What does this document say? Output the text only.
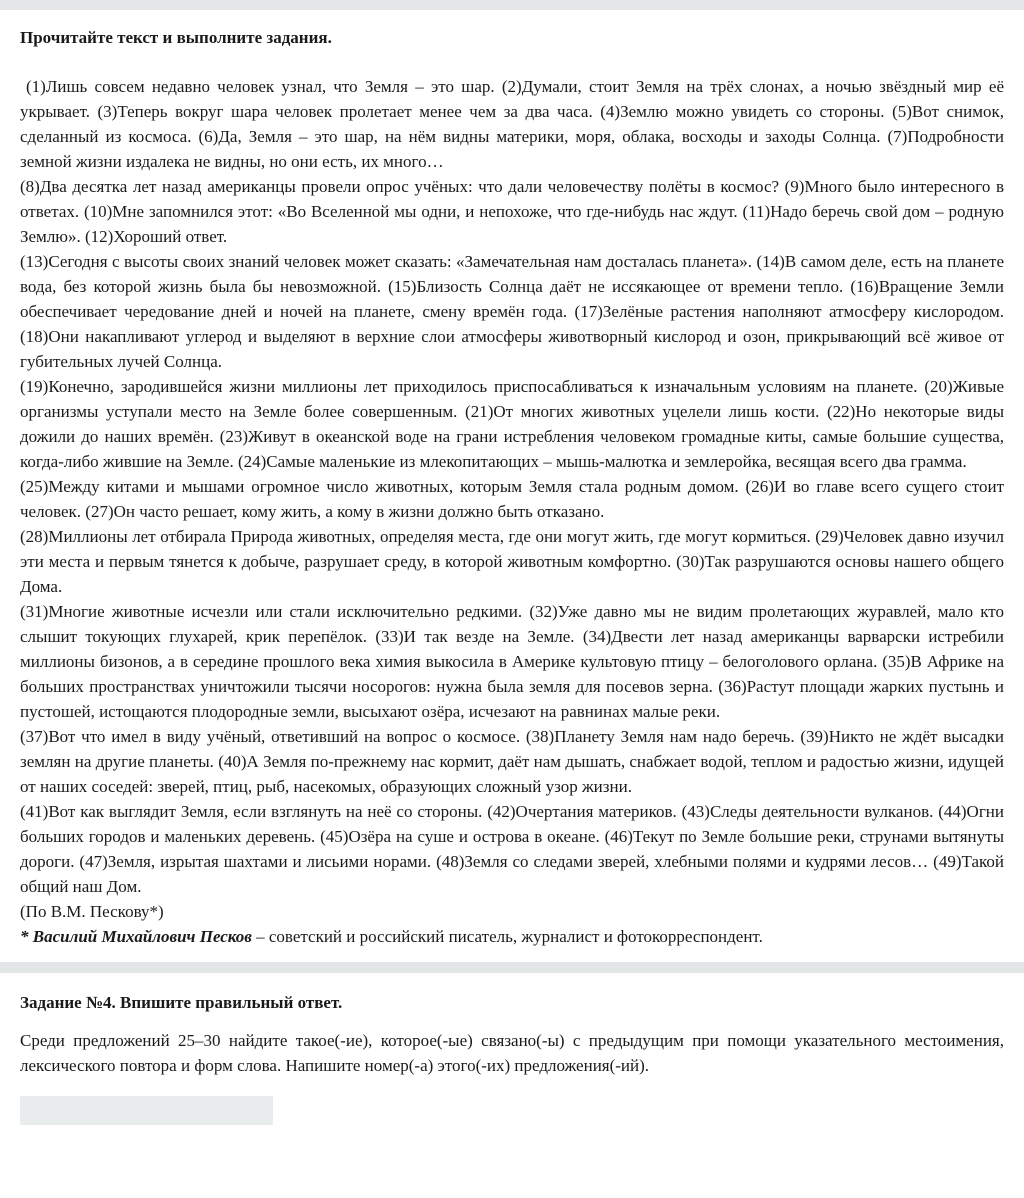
Прочитайте текст и выполните задания.

(1)Лишь совсем недавно человек узнал, что Земля – это шар. (2)Думали, стоит Земля на трёх слонах, а ночью звёздный мир её укрывает. (3)Теперь вокруг шара человек пролетает менее чем за два часа. (4)Землю можно увидеть со стороны. (5)Вот снимок, сделанный из космоса. (6)Да, Земля – это шар, на нём видны материки, моря, облака, восходы и заходы Солнца. (7)Подробности земной жизни издалека не видны, но они есть, их много…

(8)Два десятка лет назад американцы провели опрос учёных: что дали человечеству полёты в космос? (9)Много было интересного в ответах. (10)Мне запомнился этот: «Во Вселенной мы одни, и непохоже, что где-нибудь нас ждут. (11)Надо беречь свой дом – родную Землю». (12)Хороший ответ.

(13)Сегодня с высоты своих знаний человек может сказать: «Замечательная нам досталась планета». (14)В самом деле, есть на планете вода, без которой жизнь была бы невозможной. (15)Близость Солнца даёт не иссякающее от времени тепло. (16)Вращение Земли обеспечивает чередование дней и ночей на планете, смену времён года. (17)Зелёные растения наполняют атмосферу кислородом. (18)Они накапливают углерод и выделяют в верхние слои атмосферы животворный кислород и озон, прикрывающий всё живое от губительных лучей Солнца.

(19)Конечно, зародившейся жизни миллионы лет приходилось приспосабливаться к изначальным условиям на планете. (20)Живые организмы уступали место на Земле более совершенным. (21)От многих животных уцелели лишь кости. (22)Но некоторые виды дожили до наших времён. (23)Живут в океанской воде на грани истребления человеком громадные киты, самые большие существа, когда-либо жившие на Земле. (24)Самые маленькие из млекопитающих – мышь-малютка и землеройка, весящая всего два грамма.

(25)Между китами и мышами огромное число животных, которым Земля стала родным домом. (26)И во главе всего сущего стоит человек. (27)Он часто решает, кому жить, а кому в жизни должно быть отказано.

(28)Миллионы лет отбирала Природа животных, определяя места, где они могут жить, где могут кормиться. (29)Человек давно изучил эти места и первым тянется к добыче, разрушает среду, в которой животным комфортно. (30)Так разрушаются основы нашего общего Дома.

(31)Многие животные исчезли или стали исключительно редкими. (32)Уже давно мы не видим пролетающих журавлей, мало кто слышит токующих глухарей, крик перепёлок. (33)И так везде на Земле. (34)Двести лет назад американцы варварски истребили миллионы бизонов, а в середине прошлого века химия выкосила в Америке культовую птицу – белоголового орлана. (35)В Африке на больших пространствах уничтожили тысячи носорогов: нужна была земля для посевов зерна. (36)Растут площади жарких пустынь и пустошей, истощаются плодородные земли, высыхают озёра, исчезают на равнинах малые реки.

(37)Вот что имел в виду учёный, ответивший на вопрос о космосе. (38)Планету Земля нам надо беречь. (39)Никто не ждёт высадки землян на другие планеты. (40)А Земля по-прежнему нас кормит, даёт нам дышать, снабжает водой, теплом и радостью жизни, идущей от наших соседей: зверей, птиц, рыб, насекомых, образующих сложный узор жизни.

(41)Вот как выглядит Земля, если взглянуть на неё со стороны. (42)Очертания материков. (43)Следы деятельности вулканов. (44)Огни больших городов и маленьких деревень. (45)Озёра на суше и острова в океане. (46)Текут по Земле большие реки, струнами вытянуты дороги. (47)Земля, изрытая шахтами и лисьими норами. (48)Земля со следами зверей, хлебными полями и кудрями лесов… (49)Такой общий наш Дом.

(По В.М. Пескову*)

* Василий Михайлович Песков – советский и российский писатель, журналист и фотокорреспондент.

Задание №4. Впишите правильный ответ.

Среди предложений 25–30 найдите такое(-ие), которое(-ые) связано(-ы) с предыдущим при помощи указательного местоимения, лексического повтора и форм слова. Напишите номер(-а) этого(-их) предложения(-ий).
